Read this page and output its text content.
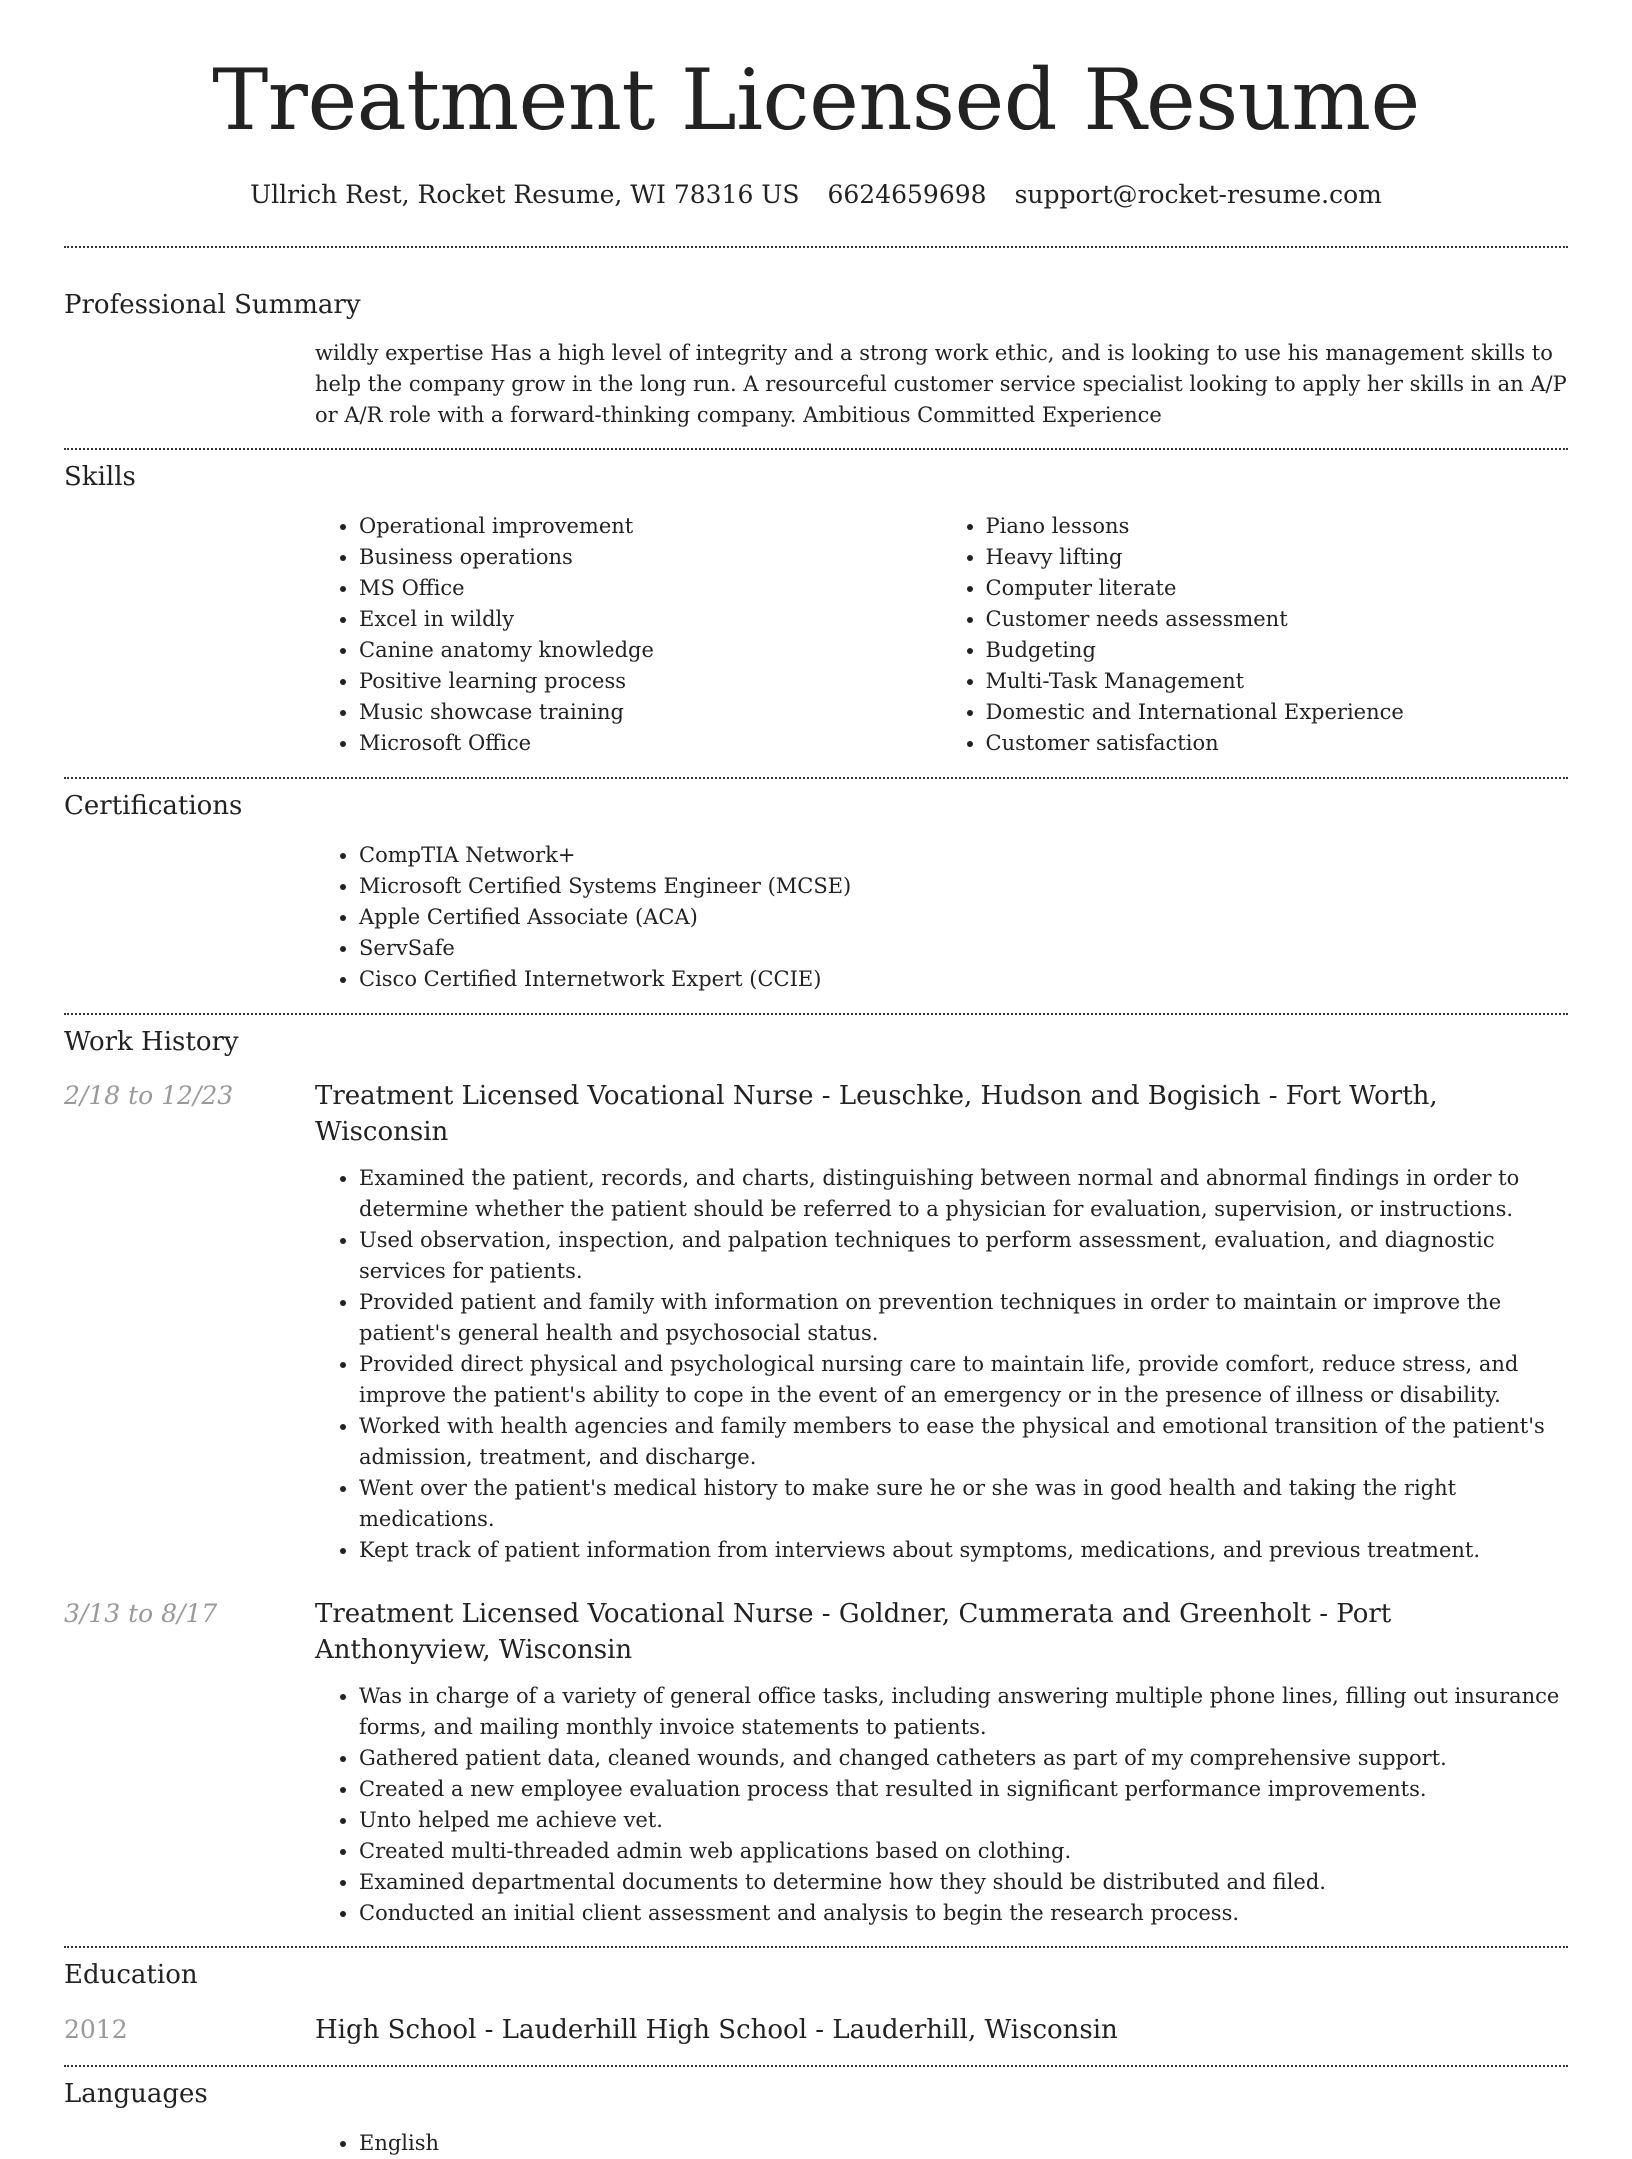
Treatment Licensed Resume
Ullrich Rest, Rocket Resume, WI 78316 US 6624659698 support@rocket-resume.com
Professional Summary
wildly expertise Has a high level of integrity and a strong work ethic, and is looking to use his management skills to help the company grow in the long run. A resourceful customer service specialist looking to apply her skills in an A/P or A/R role with a forward-thinking company. Ambitious Committed Experience
Skills
• Operational improvement
• Business operations
• MS Office
• Excel in wildly
• Canine anatomy knowledge
• Positive learning process
• Music showcase training
• Microsoft Office
• Piano lessons
• Heavy lifting
• Computer literate
• Customer needs assessment
• Budgeting
• Multi-Task Management
• Domestic and International Experience
• Customer satisfaction
Certifications
• CompTIA Network+
• Microsoft Certified Systems Engineer (MCSE)
• Apple Certified Associate (ACA)
• ServSafe
• Cisco Certified Internetwork Expert (CCIE)
Work History
2/18 to 12/23	Treatment Licensed Vocational Nurse - Leuschke, Hudson and Bogisich - Fort Worth, Wisconsin
• Examined the patient, records, and charts, distinguishing between normal and abnormal findings in order to determine whether the patient should be referred to a physician for evaluation, supervision, or instructions.
• Used observation, inspection, and palpation techniques to perform assessment, evaluation, and diagnostic services for patients.
• Provided patient and family with information on prevention techniques in order to maintain or improve the patient's general health and psychosocial status.
• Provided direct physical and psychological nursing care to maintain life, provide comfort, reduce stress, and improve the patient's ability to cope in the event of an emergency or in the presence of illness or disability.
• Worked with health agencies and family members to ease the physical and emotional transition of the patient's admission, treatment, and discharge.
• Went over the patient's medical history to make sure he or she was in good health and taking the right medications.
• Kept track of patient information from interviews about symptoms, medications, and previous treatment.
3/13 to 8/17	Treatment Licensed Vocational Nurse - Goldner, Cummerata and Greenholt - Port Anthonyview, Wisconsin
• Was in charge of a variety of general office tasks, including answering multiple phone lines, filling out insurance forms, and mailing monthly invoice statements to patients.
• Gathered patient data, cleaned wounds, and changed catheters as part of my comprehensive support.
• Created a new employee evaluation process that resulted in significant performance improvements.
• Unto helped me achieve vet.
• Created multi-threaded admin web applications based on clothing.
• Examined departmental documents to determine how they should be distributed and filed.
• Conducted an initial client assessment and analysis to begin the research process.
Education
2012	High School - Lauderhill High School - Lauderhill, Wisconsin
Languages
• English
